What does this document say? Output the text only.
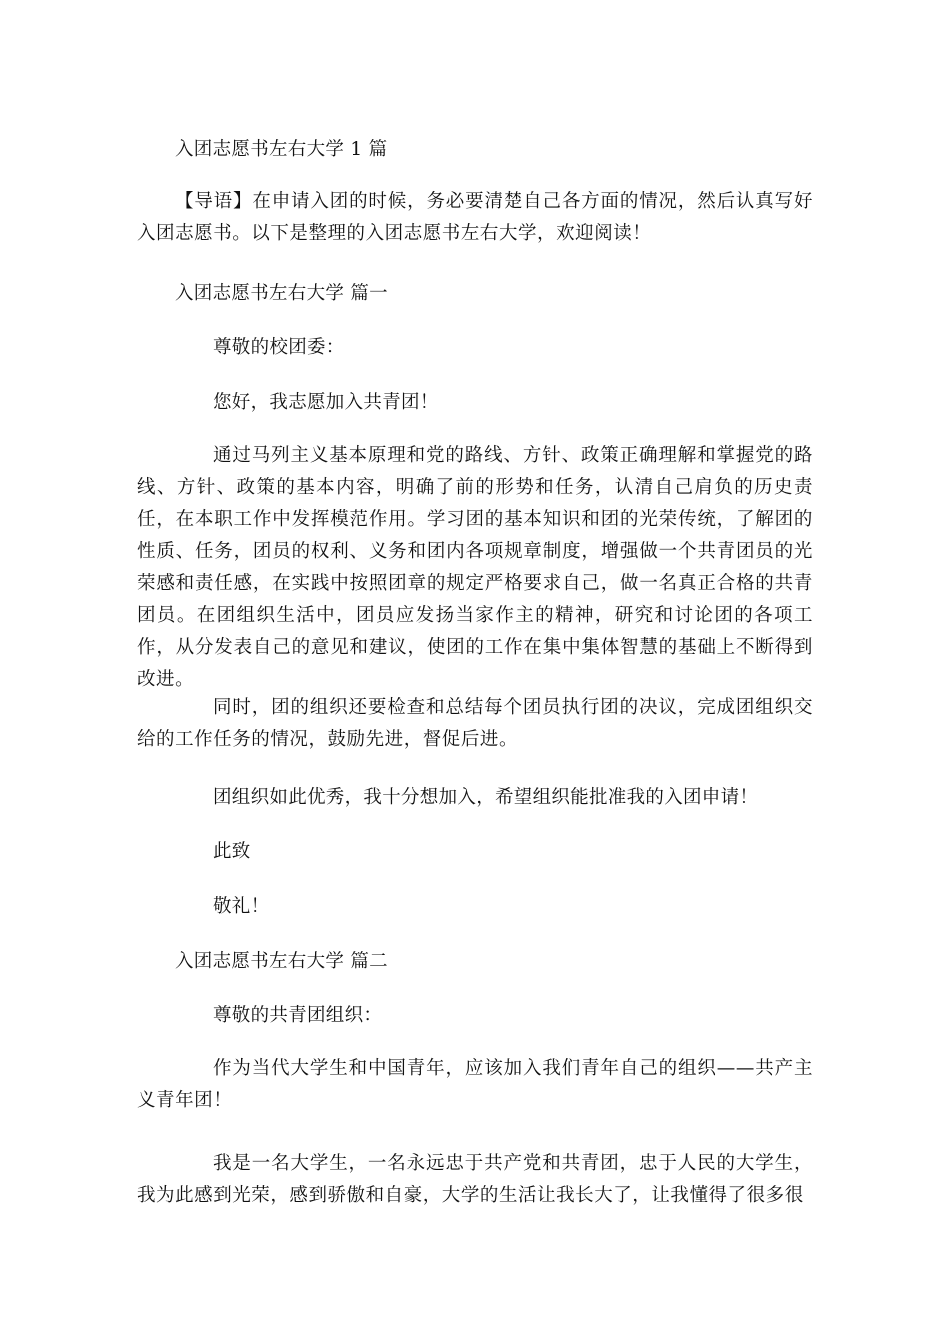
入团志愿书左右大学 1 篇
【导语】在申请入团的时候，务必要清楚自己各方面的情况，然后认真写好入团志愿书。以下是整理的入团志愿书左右大学，欢迎阅读！
入团志愿书左右大学 篇一
尊敬的校团委：
您好，我志愿加入共青团！
通过马列主义基本原理和党的路线、方针、政策正确理解和掌握党的路线、方针、政策的基本内容，明确了前的形势和任务，认清自己肩负的历史责任，在本职工作中发挥模范作用。学习团的基本知识和团的光荣传统，了解团的性质、任务，团员的权利、义务和团内各项规章制度，增强做一个共青团员的光荣感和责任感，在实践中按照团章的规定严格要求自己，做一名真正合格的共青团员。在团组织生活中，团员应发扬当家作主的精神，研究和讨论团的各项工作，从分发表自己的意见和建议，使团的工作在集中集体智慧的基础上不断得到改进。
同时，团的组织还要检查和总结每个团员执行团的决议，完成团组织交给的工作任务的情况，鼓励先进，督促后进。
团组织如此优秀，我十分想加入，希望组织能批准我的入团申请！
此致
敬礼！
入团志愿书左右大学 篇二
尊敬的共青团组织：
作为当代大学生和中国青年，应该加入我们青年自己的组织——共产主义青年团！
我是一名大学生，一名永远忠于共产党和共青团，忠于人民的大学生，我为此感到光荣，感到骄傲和自豪，大学的生活让我长大了，让我懂得了很多很
